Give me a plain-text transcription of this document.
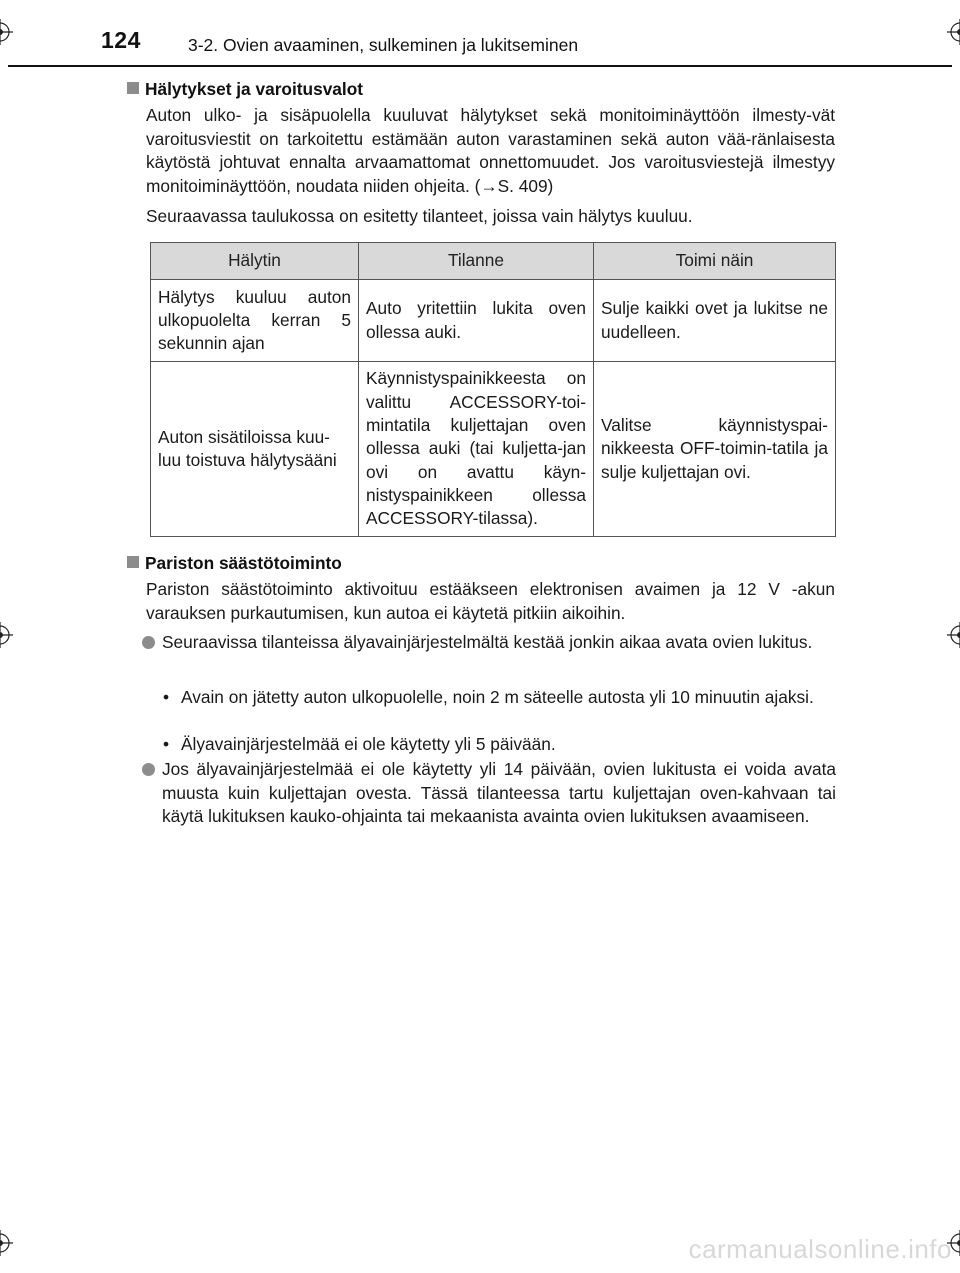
124	3-2. Ovien avaaminen, sulkeminen ja lukitseminen
Hälytykset ja varoitusvalot
Auton ulko- ja sisäpuolella kuuluvat hälytykset sekä monitoiminäyttöön ilmesty-vät varoitusviestit on tarkoitettu estämään auton varastaminen sekä auton vää-ränlaisesta käytöstä johtuvat ennalta arvaamattomat onnettomuudet. Jos varoitusviestejä ilmestyy monitoiminäyttöön, noudata niiden ohjeita. (→S. 409)
Seuraavassa taulukossa on esitetty tilanteet, joissa vain hälytys kuuluu.
Hälytin	Tilanne	Toimi näin
Hälytys kuuluu auton ulkopuolelta kerran 5 sekunnin ajan	Auto yritettiin lukita oven ollessa auki.	Sulje kaikki ovet ja lukitse ne uudelleen.
Auton sisätiloissa kuu-luu toistuva hälytysääni	Käynnistyspainikkeesta on valittu ACCESSORY-toi-mintatila kuljettajan oven ollessa auki (tai kuljetta-jan ovi on avattu käyn-nistyspainikkeen ollessa ACCESSORY-tilassa).	Valitse käynnistyspai-nikkeesta OFF-toimin-tatila ja sulje kuljettajan ovi.
Pariston säästötoiminto
Pariston säästötoiminto aktivoituu estääkseen elektronisen avaimen ja 12 V -akun varauksen purkautumisen, kun autoa ei käytetä pitkiin aikoihin.
Seuraavissa tilanteissa älyavainjärjestelmältä kestää jonkin aikaa avata ovien lukitus.
• Avain on jätetty auton ulkopuolelle, noin 2 m säteelle autosta yli 10 minuutin ajaksi.
• Älyavainjärjestelmää ei ole käytetty yli 5 päivään.
Jos älyavainjärjestelmää ei ole käytetty yli 14 päivään, ovien lukitusta ei voida avata muusta kuin kuljettajan ovesta. Tässä tilanteessa tartu kuljettajan oven-kahvaan tai käytä lukituksen kauko-ohjainta tai mekaanista avainta ovien lukituksen avaamiseen.
carmanualsonline.info
